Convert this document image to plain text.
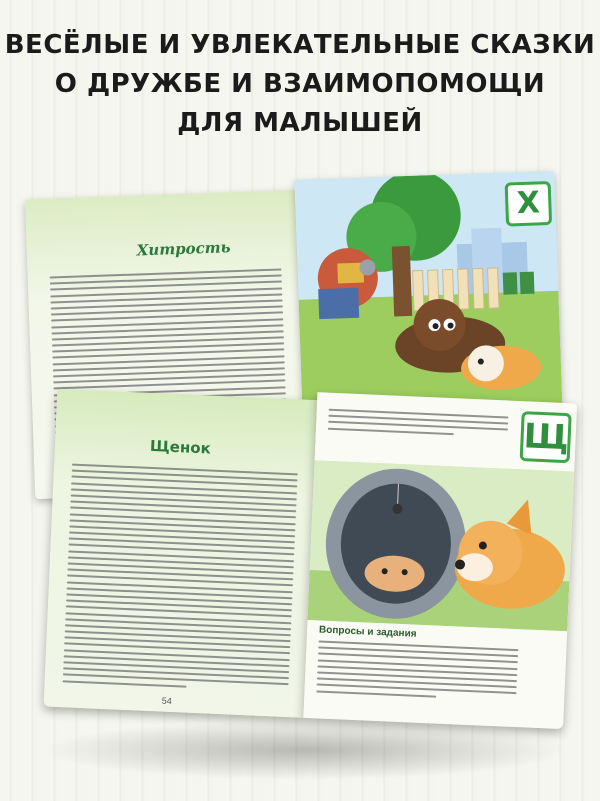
ВЕСЁЛЫЕ И УВЛЕКАТЕЛЬНЫЕ СКАЗКИ
О ДРУЖБЕ И ВЗАИМОПОМОЩИ
ДЛЯ МАЛЫШЕЙ
Хитрость
Х
Щенок
54
Щ
Вопросы и задания
